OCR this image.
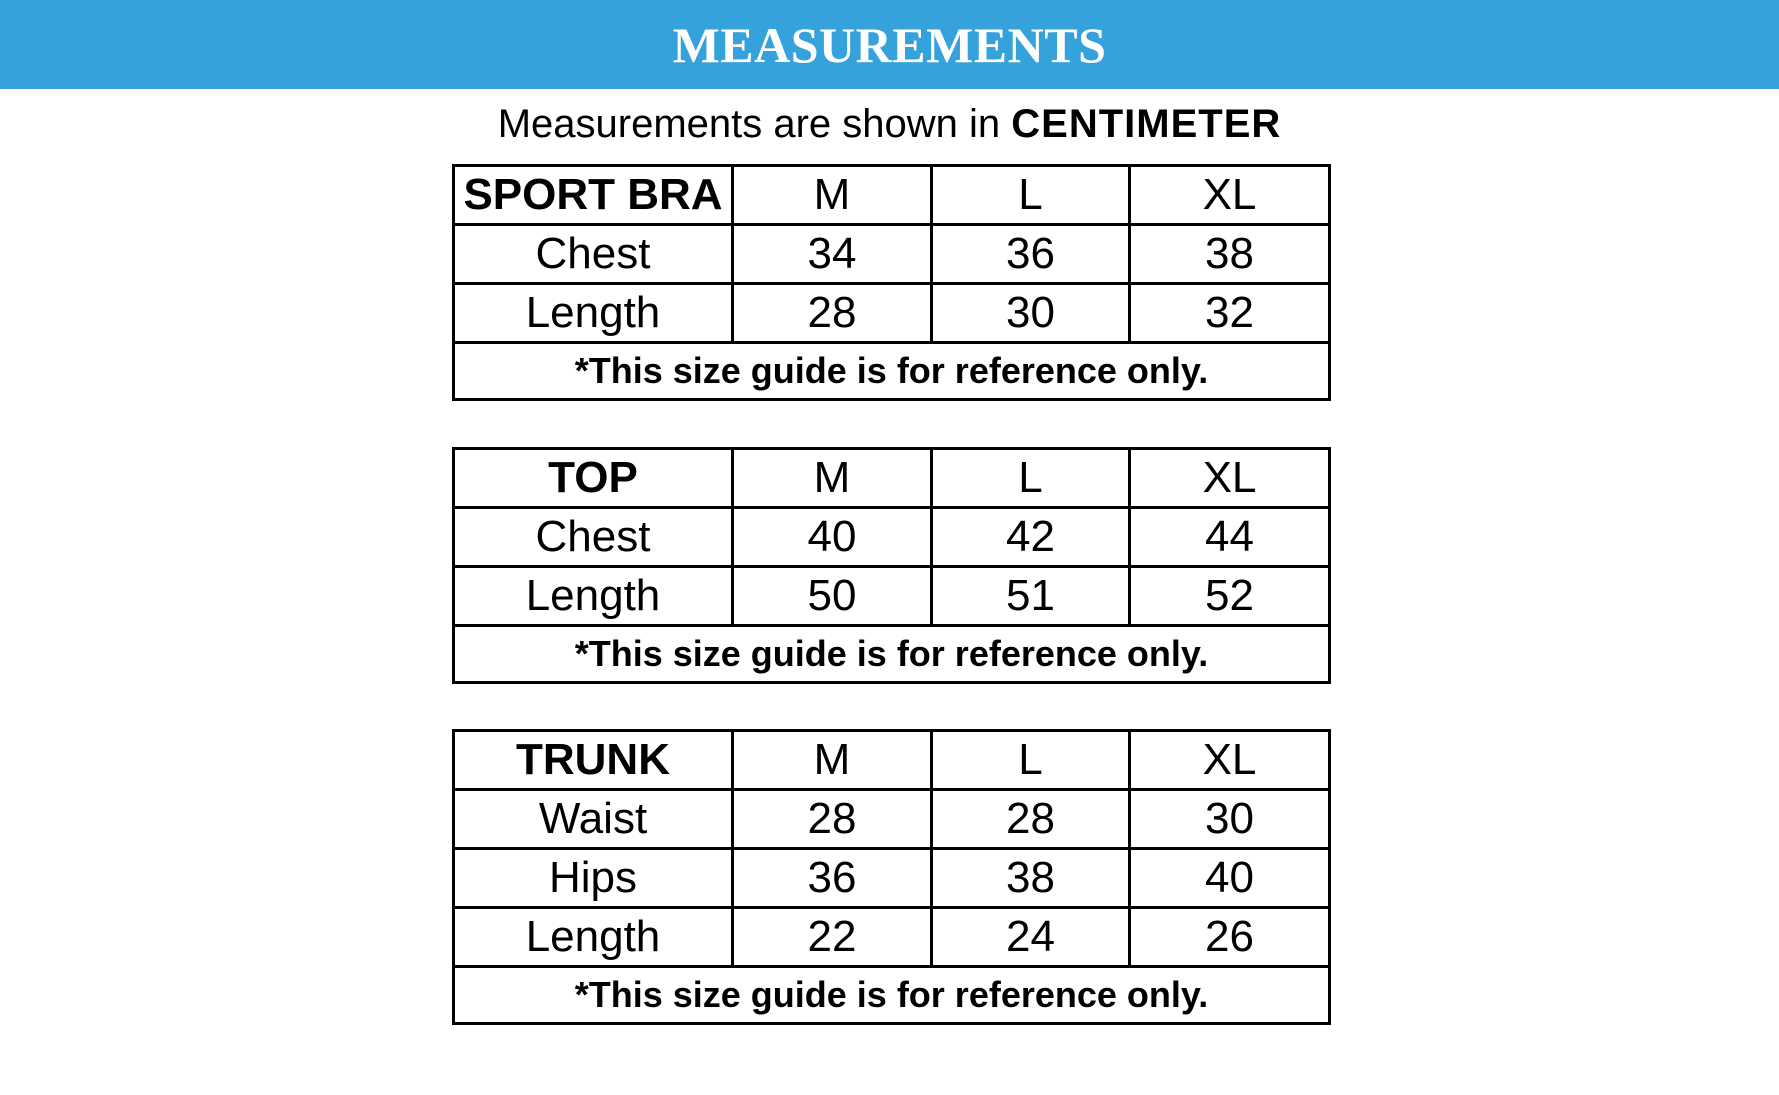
MEASUREMENTS
Measurements are shown in CENTIMETER
SPORT BRA	M	L	XL
Chest	34	36	38
Length	28	30	32
*This size guide is for reference only.			
TOP	M	L	XL
Chest	40	42	44
Length	50	51	52
*This size guide is for reference only.			
TRUNK	M	L	XL
Waist	28	28	30
Hips	36	38	40
Length	22	24	26
*This size guide is for reference only.			
